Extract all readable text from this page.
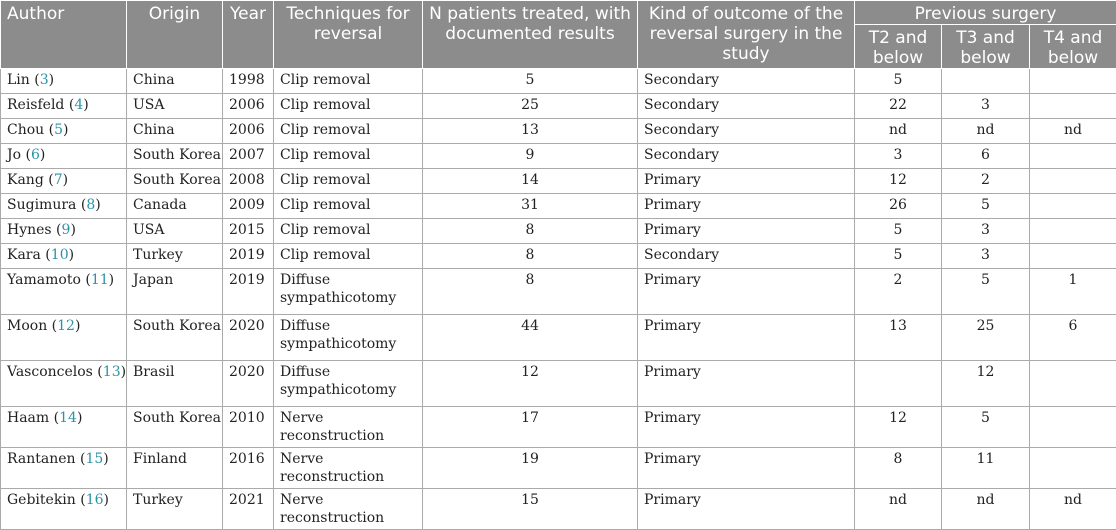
Author	Origin	Year	Techniques for reversal	N patients treated, with documented results	Kind of outcome of the reversal surgery in the study	Previous surgery		
						T2 and below	T3 and below	T4 and below
Lin (3)	China	1998	Clip removal	5	Secondary	5		
Reisfeld (4)	USA	2006	Clip removal	25	Secondary	22	3	
Chou (5)	China	2006	Clip removal	13	Secondary	nd	nd	nd
Jo (6)	South Korea	2007	Clip removal	9	Secondary	3	6	
Kang (7)	South Korea	2008	Clip removal	14	Primary	12	2	
Sugimura (8)	Canada	2009	Clip removal	31	Primary	26	5	
Hynes (9)	USA	2015	Clip removal	8	Primary	5	3	
Kara (10)	Turkey	2019	Clip removal	8	Secondary	5	3	
Yamamoto (11)	Japan	2019	Diffuse sympathicotomy	8	Primary	2	5	1
Moon (12)	South Korea	2020	Diffuse sympathicotomy	44	Primary	13	25	6
Vasconcelos (13)	Brasil	2020	Diffuse sympathicotomy	12	Primary		12	
Haam (14)	South Korea	2010	Nerve reconstruction	17	Primary	12	5	
Rantanen (15)	Finland	2016	Nerve reconstruction	19	Primary	8	11	
Gebitekin (16)	Turkey	2021	Nerve reconstruction	15	Primary	nd	nd	nd
